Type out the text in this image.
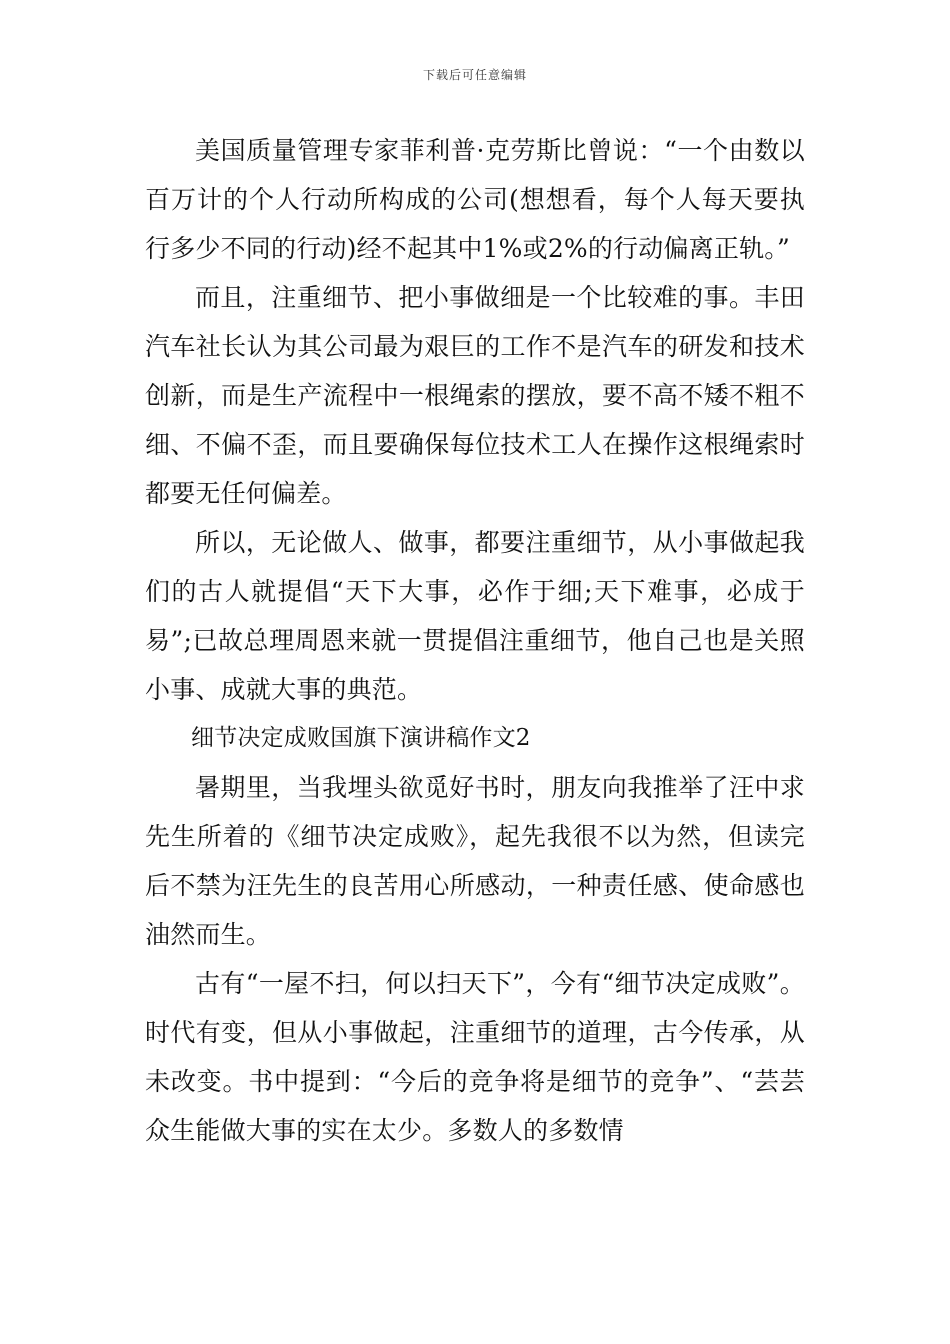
下载后可任意编辑

美国质量管理专家菲利普·克劳斯比曾说：“一个由数以百万计的个人行动所构成的公司(想想看，每个人每天要执行多少不同的行动)经不起其中1%或2%的行动偏离正轨。”

而且，注重细节、把小事做细是一个比较难的事。丰田汽车社长认为其公司最为艰巨的工作不是汽车的研发和技术创新，而是生产流程中一根绳索的摆放，要不高不矮不粗不细、不偏不歪，而且要确保每位技术工人在操作这根绳索时都要无任何偏差。

所以，无论做人、做事，都要注重细节，从小事做起我们的古人就提倡“天下大事，必作于细;天下难事，必成于易”;已故总理周恩来就一贯提倡注重细节，他自己也是关照小事、成就大事的典范。

细节决定成败国旗下演讲稿作文2

暑期里，当我埋头欲觅好书时，朋友向我推举了汪中求先生所着的《细节决定成败》，起先我很不以为然，但读完后不禁为汪先生的良苦用心所感动，一种责任感、使命感也油然而生。

古有“一屋不扫，何以扫天下”，今有“细节决定成败”。时代有变，但从小事做起，注重细节的道理，古今传承，从未改变。书中提到：“今后的竞争将是细节的竞争”、“芸芸众生能做大事的实在太少。多数人的多数情
